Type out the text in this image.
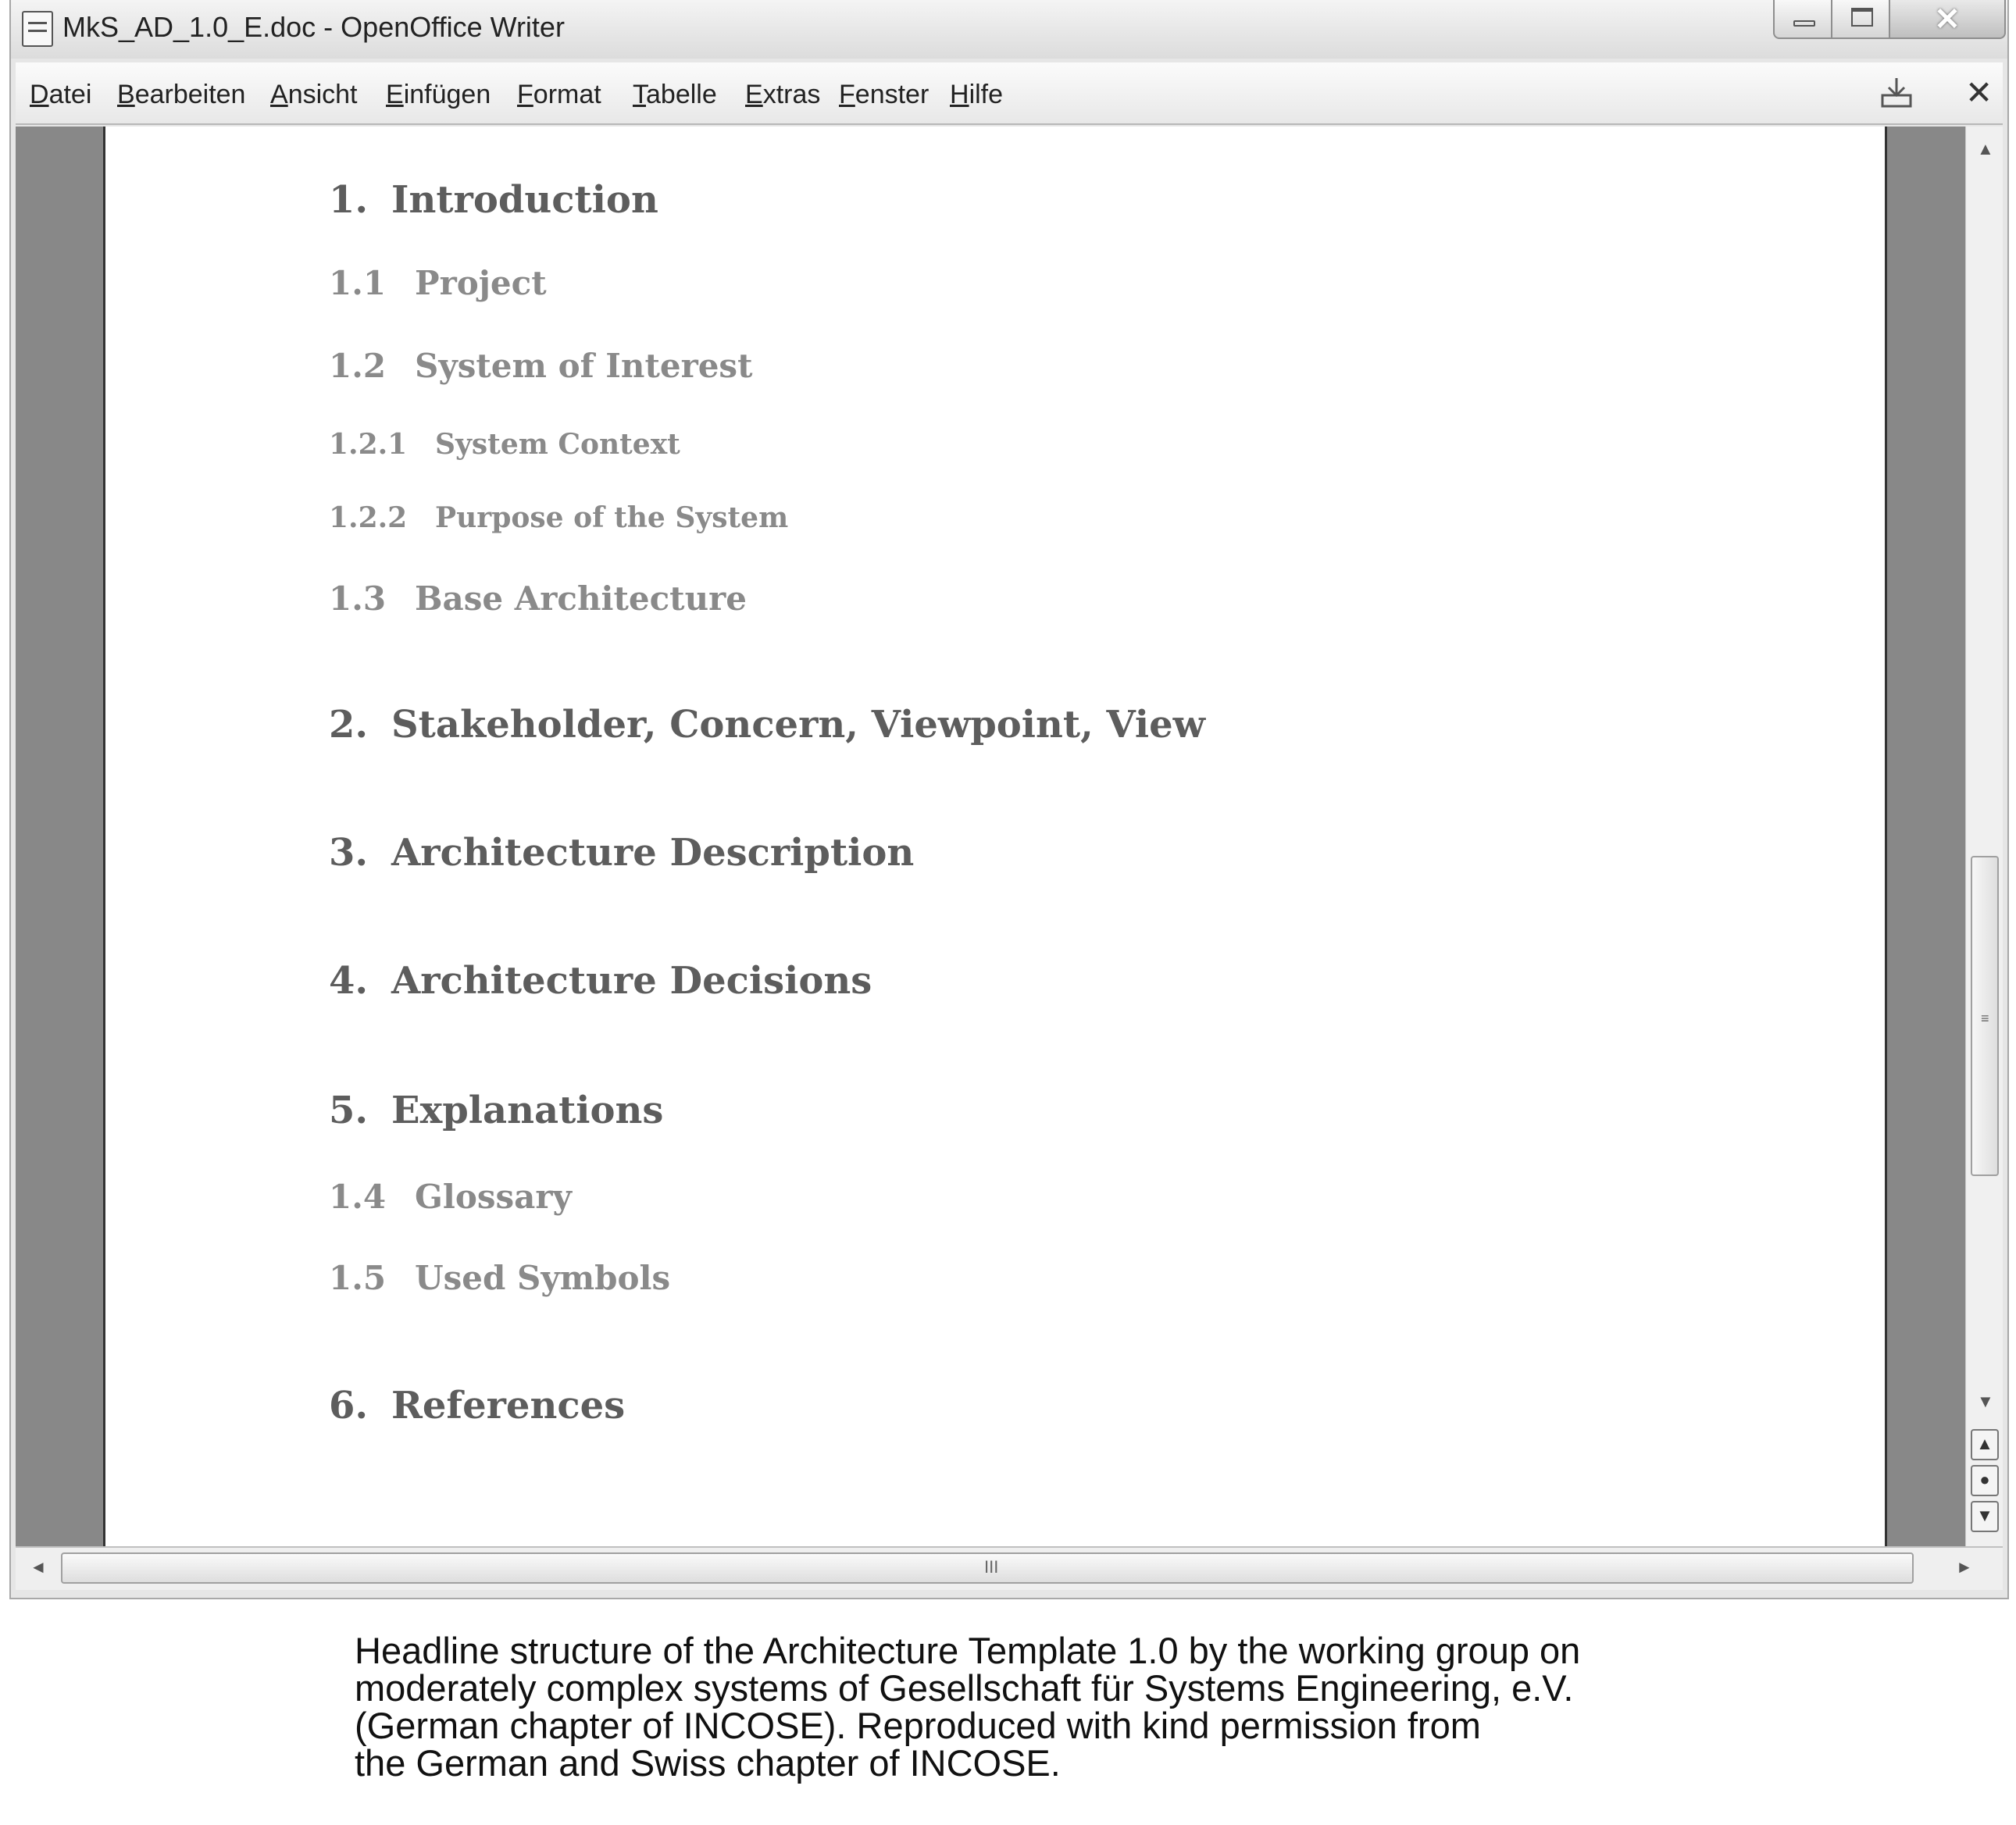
MkS_AD_1.0_E.doc - OpenOffice Writer	✕
Datei Bearbeiten Ansicht Einfügen Format Tabelle Extras Fenster Hilfe	✕
1. Introduction
1.1 Project
1.2 System of Interest
1.2.1 System Context
1.2.2 Purpose of the System
1.3 Base Architecture
2. Stakeholder, Concern, Viewpoint, View
3. Architecture Description
4. Architecture Decisions
5. Explanations
1.4 Glossary
1.5 Used Symbols
6. References
▲
≡
▼
▲
●
▼
◄	III	►
Headline structure of the Architecture Template 1.0 by the working group on
moderately complex systems of Gesellschaft für Systems Engineering, e.V.
(German chapter of INCOSE). Reproduced with kind permission from
the German and Swiss chapter of INCOSE.
